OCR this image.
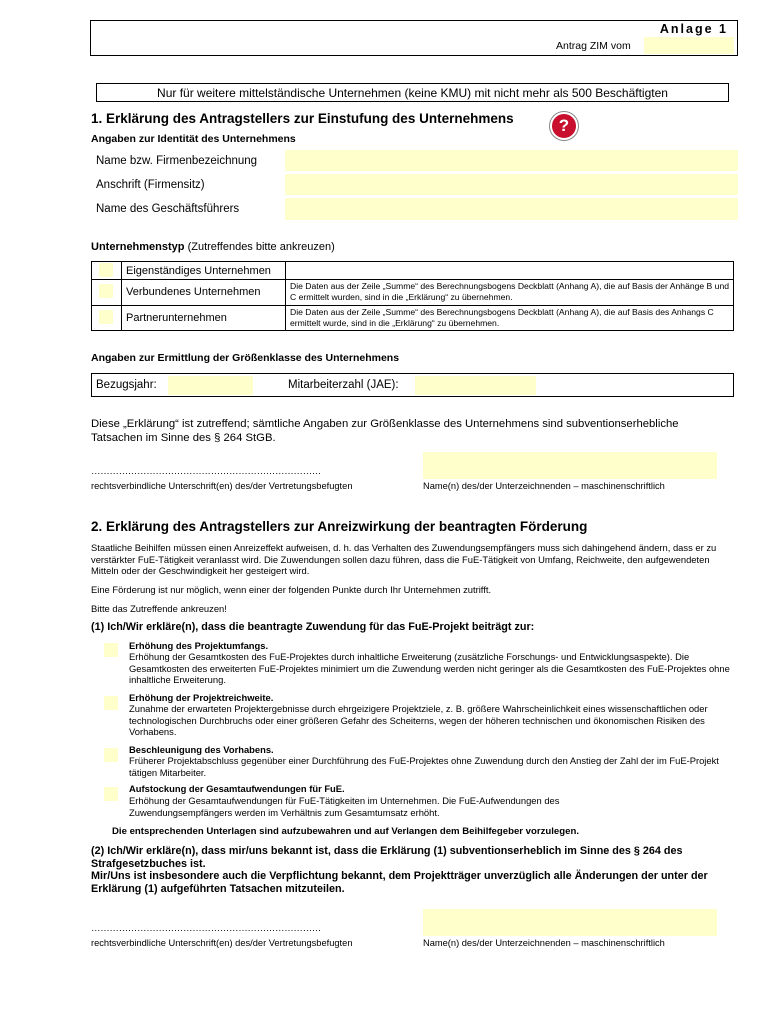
Anlage 1
Antrag ZIM vom
Nur für weitere mittelständische Unternehmen (keine KMU) mit nicht mehr als 500 Beschäftigten
1. Erklärung des Antragstellers zur Einstufung des Unternehmens	?
Angaben zur Identität des Unternehmens
Name bzw. Firmenbezeichnung
Anschrift (Firmensitz)
Name des Geschäftsführers
Unternehmenstyp (Zutreffendes bitte ankreuzen)
Eigenständiges Unternehmen
Verbundenes Unternehmen	Die Daten aus der Zeile „Summe“ des Berechnungsbogens Deckblatt (Anhang A), die auf Basis der Anhänge B und C ermittelt wurden, sind in die „Erklärung“ zu übernehmen.
Partnerunternehmen	Die Daten aus der Zeile „Summe“ des Berechnungsbogens Deckblatt (Anhang A), die auf Basis des Anhangs C ermittelt wurde, sind in die „Erklärung“ zu übernehmen.
Angaben zur Ermittlung der Größenklasse des Unternehmens
Bezugsjahr:	Mitarbeiterzahl (JAE):
Diese „Erklärung“ ist zutreffend; sämtliche Angaben zur Größenklasse des Unternehmens sind subventionserhebliche Tatsachen im Sinne des § 264 StGB.
…………………………………………………………………
rechtsverbindliche Unterschrift(en) des/der Vertretungsbefugten	Name(n) des/der Unterzeichnenden – maschinenschriftlich
2. Erklärung des Antragstellers zur Anreizwirkung der beantragten Förderung
Staatliche Beihilfen müssen einen Anreizeffekt aufweisen, d. h. das Verhalten des Zuwendungsempfängers muss sich dahingehend ändern, dass er zu verstärkter FuE-Tätigkeit veranlasst wird. Die Zuwendungen sollen dazu führen, dass die FuE-Tätigkeit von Umfang, Reichweite, den aufgewendeten Mitteln oder der Geschwindigkeit her gesteigert wird.
Eine Förderung ist nur möglich, wenn einer der folgenden Punkte durch Ihr Unternehmen zutrifft.
Bitte das Zutreffende ankreuzen!
(1) Ich/Wir erkläre(n), dass die beantragte Zuwendung für das FuE-Projekt beiträgt zur:
Erhöhung des Projektumfangs.
Erhöhung der Gesamtkosten des FuE-Projektes durch inhaltliche Erweiterung (zusätzliche Forschungs- und Entwicklungsaspekte). Die Gesamtkosten des erweiterten FuE-Projektes minimiert um die Zuwendung werden nicht geringer als die Gesamtkosten des FuE-Projektes ohne inhaltliche Erweiterung.
Erhöhung der Projektreichweite.
Zunahme der erwarteten Projektergebnisse durch ehrgeizigere Projektziele, z. B. größere Wahrscheinlichkeit eines wissenschaftlichen oder technologischen Durchbruchs oder einer größeren Gefahr des Scheiterns, wegen der höheren technischen und ökonomischen Risiken des Vorhabens.
Beschleunigung des Vorhabens.
Früherer Projektabschluss gegenüber einer Durchführung des FuE-Projektes ohne Zuwendung durch den Anstieg der Zahl der im FuE-Projekt tätigen Mitarbeiter.
Aufstockung der Gesamtaufwendungen für FuE.
Erhöhung der Gesamtaufwendungen für FuE-Tätigkeiten im Unternehmen. Die FuE-Aufwendungen des Zuwendungsempfängers werden im Verhältnis zum Gesamtumsatz erhöht.
Die entsprechenden Unterlagen sind aufzubewahren und auf Verlangen dem Beihilfegeber vorzulegen.
(2) Ich/Wir erkläre(n), dass mir/uns bekannt ist, dass die Erklärung (1) subventionserheblich im Sinne des § 264 des Strafgesetzbuches ist.
Mir/Uns ist insbesondere auch die Verpflichtung bekannt, dem Projektträger unverzüglich alle Änderungen der unter der Erklärung (1) aufgeführten Tatsachen mitzuteilen.
…………………………………………………………………
rechtsverbindliche Unterschrift(en) des/der Vertretungsbefugten	Name(n) des/der Unterzeichnenden – maschinenschriftlich
